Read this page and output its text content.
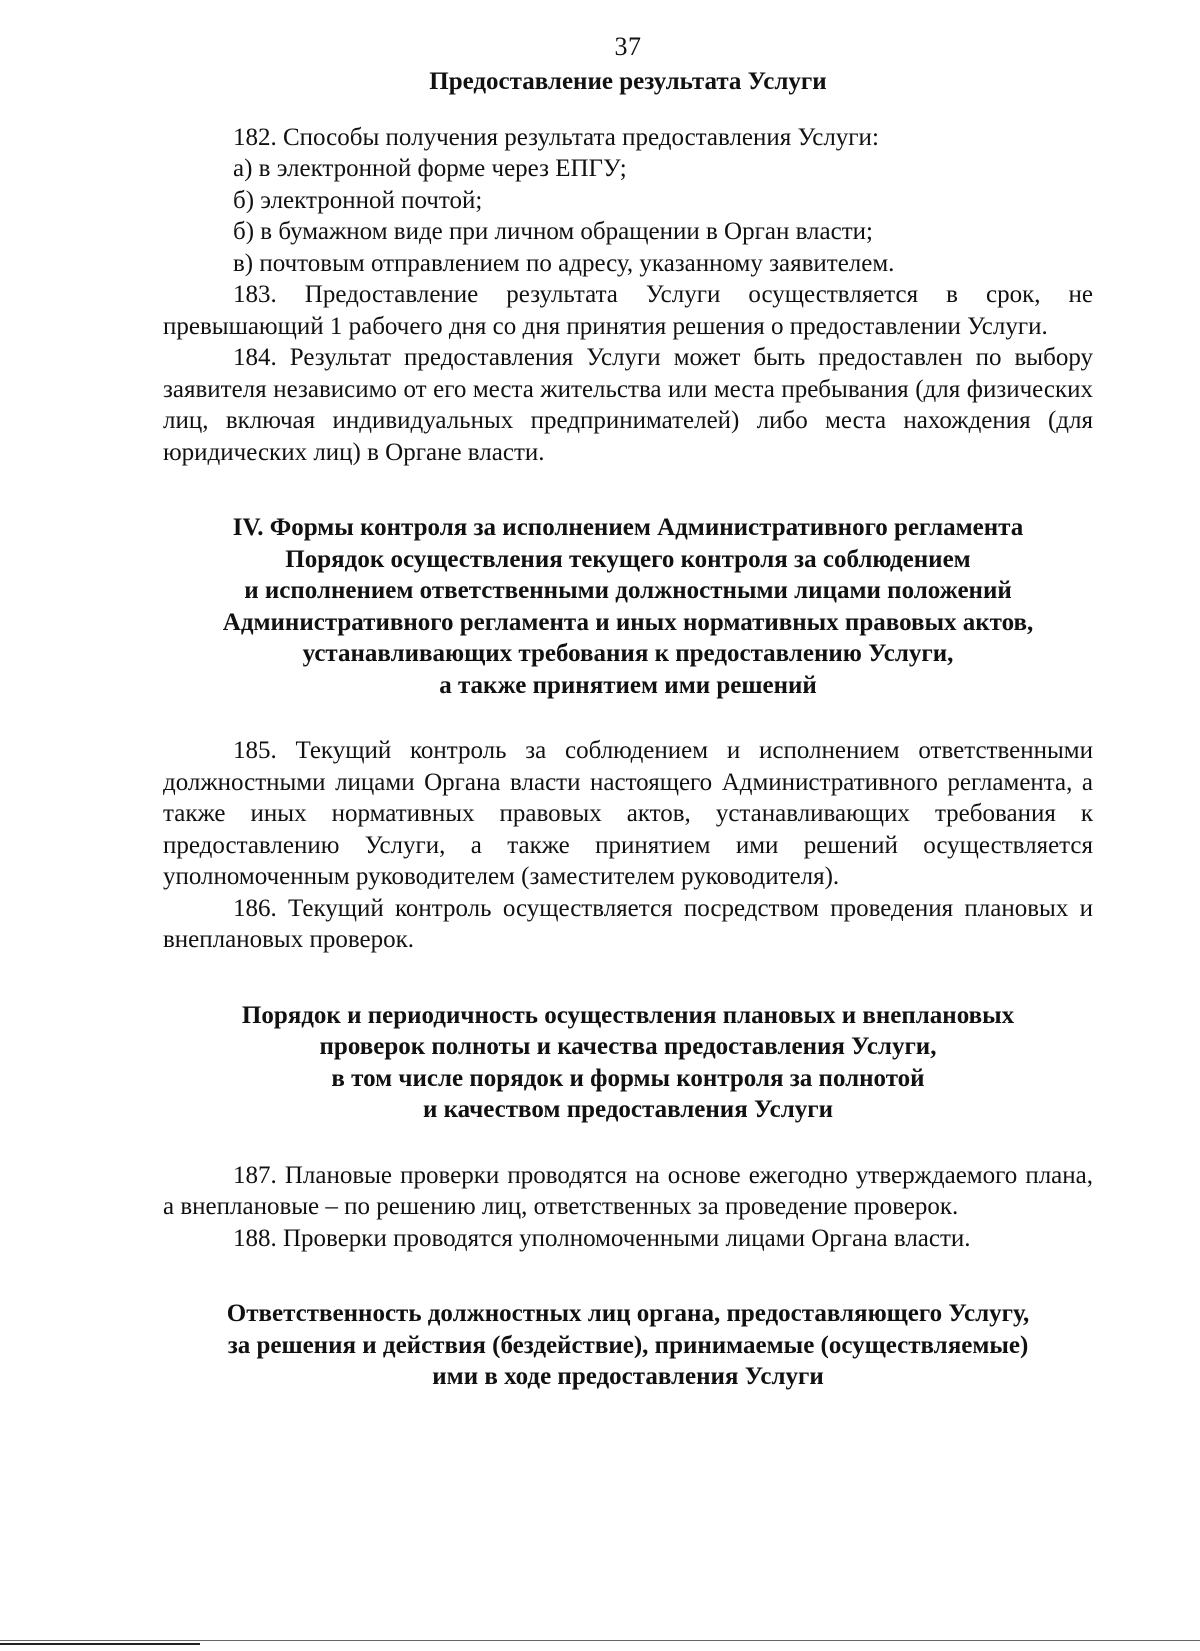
37
Предоставление результата Услуги

182. Способы получения результата предоставления Услуги:

а) в электронной форме через ЕПГУ;

б) электронной почтой;

б) в бумажном виде при личном обращении в Орган власти;

в) почтовым отправлением по адресу, указанному заявителем.

183. Предоставление результата Услуги осуществляется в срок, не превышающий 1 рабочего дня со дня принятия решения о предоставлении Услуги.

184. Результат предоставления Услуги может быть предоставлен по выбору заявителя независимо от его места жительства или места пребывания (для физических лиц, включая индивидуальных предпринимателей) либо места нахождения (для юридических лиц) в Органе власти.

IV. Формы контроля за исполнением Административного регламента
Порядок осуществления текущего контроля за соблюдением
и исполнением ответственными должностными лицами положений
Административного регламента и иных нормативных правовых актов,
устанавливающих требования к предоставлению Услуги,
а также принятием ими решений

185. Текущий контроль за соблюдением и исполнением ответственными должностными лицами Органа власти настоящего Административного регламента, а также иных нормативных правовых актов, устанавливающих требования к предоставлению Услуги, а также принятием ими решений осуществляется уполномоченным руководителем (заместителем руководителя).

186. Текущий контроль осуществляется посредством проведения плановых и внеплановых проверок.

Порядок и периодичность осуществления плановых и внеплановых
проверок полноты и качества предоставления Услуги,
в том числе порядок и формы контроля за полнотой
и качеством предоставления Услуги

187. Плановые проверки проводятся на основе ежегодно утверждаемого плана, а внеплановые – по решению лиц, ответственных за проведение проверок.

188. Проверки проводятся уполномоченными лицами Органа власти.

Ответственность должностных лиц органа, предоставляющего Услугу,
за решения и действия (бездействие), принимаемые (осуществляемые)
ими в ходе предоставления Услуги
